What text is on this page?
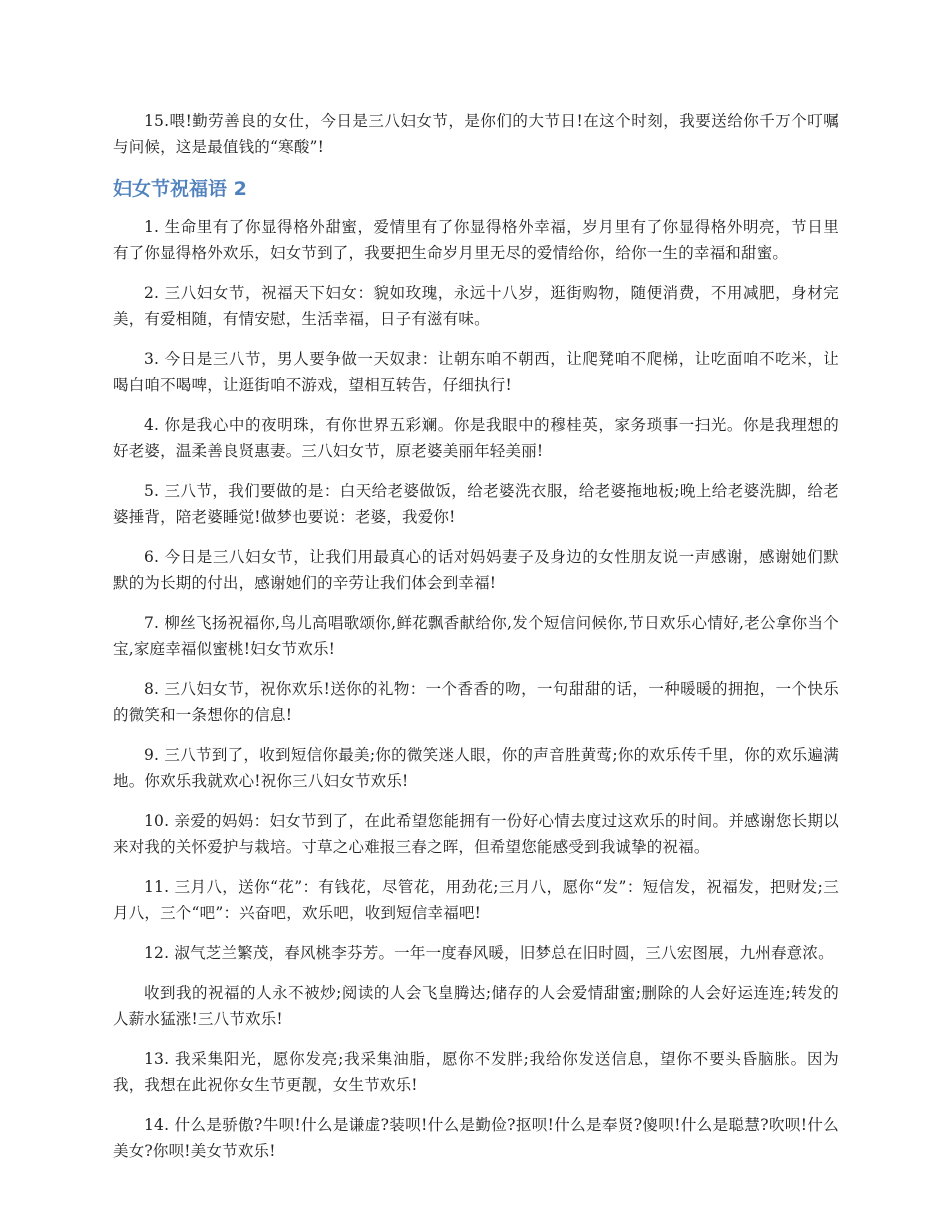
15.喂!勤劳善良的女仕，今日是三八妇女节，是你们的大节日!在这个时刻，我要送给你千万个叮嘱与问候，这是最值钱的“寒酸”!

妇女节祝福语 2

1. 生命里有了你显得格外甜蜜，爱情里有了你显得格外幸福，岁月里有了你显得格外明亮，节日里有了你显得格外欢乐，妇女节到了，我要把生命岁月里无尽的爱情给你，给你一生的幸福和甜蜜。

2. 三八妇女节，祝福天下妇女：貌如玫瑰，永远十八岁，逛街购物，随便消费，不用减肥，身材完美，有爱相随，有情安慰，生活幸福，日子有滋有味。

3. 今日是三八节，男人要争做一天奴隶：让朝东咱不朝西，让爬凳咱不爬梯，让吃面咱不吃米，让喝白咱不喝啤，让逛街咱不游戏，望相互转告，仔细执行!

4. 你是我心中的夜明珠，有你世界五彩斓。你是我眼中的穆桂英，家务琐事一扫光。你是我理想的好老婆，温柔善良贤惠妻。三八妇女节，原老婆美丽年轻美丽!

5. 三八节，我们要做的是：白天给老婆做饭，给老婆洗衣服，给老婆拖地板;晚上给老婆洗脚，给老婆捶背，陪老婆睡觉!做梦也要说：老婆，我爱你!

6. 今日是三八妇女节，让我们用最真心的话对妈妈妻子及身边的女性朋友说一声感谢，感谢她们默默的为长期的付出，感谢她们的辛劳让我们体会到幸福!

7. 柳丝飞扬祝福你,鸟儿高唱歌颂你,鲜花飘香献给你,发个短信问候你,节日欢乐心情好,老公拿你当个宝,家庭幸福似蜜桃!妇女节欢乐!

8. 三八妇女节，祝你欢乐!送你的礼物：一个香香的吻，一句甜甜的话，一种暖暖的拥抱，一个快乐的微笑和一条想你的信息!

9. 三八节到了，收到短信你最美;你的微笑迷人眼，你的声音胜黄莺;你的欢乐传千里，你的欢乐遍满地。你欢乐我就欢心!祝你三八妇女节欢乐!

10. 亲爱的妈妈：妇女节到了，在此希望您能拥有一份好心情去度过这欢乐的时间。并感谢您长期以来对我的关怀爱护与栽培。寸草之心难报三春之晖，但希望您能感受到我诚挚的祝福。

11. 三月八，送你“花”：有钱花，尽管花，用劲花;三月八，愿你“发”：短信发，祝福发，把财发;三月八，三个“吧”：兴奋吧，欢乐吧，收到短信幸福吧!

12. 淑气芝兰繁茂，春风桃李芬芳。一年一度春风暖，旧梦总在旧时圆，三八宏图展，九州春意浓。

收到我的祝福的人永不被炒;阅读的人会飞皇腾达;储存的人会爱情甜蜜;删除的人会好运连连;转发的人薪水猛涨!三八节欢乐!

13. 我采集阳光，愿你发亮;我采集油脂，愿你不发胖;我给你发送信息，望你不要头昏脑胀。因为我，我想在此祝你女生节更靓，女生节欢乐!

14. 什么是骄傲?牛呗!什么是谦虚?装呗!什么是勤俭?抠呗!什么是奉贤?傻呗!什么是聪慧?吹呗!什么美女?你呗!美女节欢乐!
